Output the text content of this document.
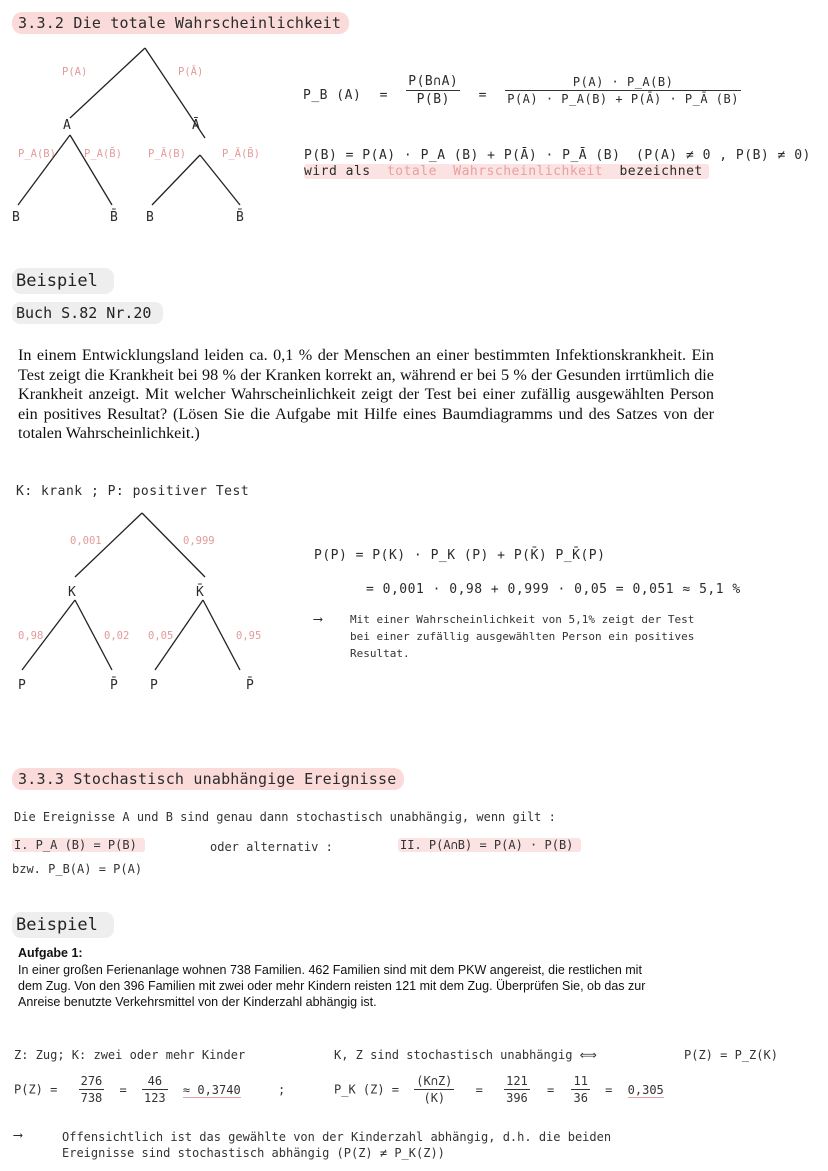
3.3.2 Die totale Wahrscheinlichkeit
P(A)	P(Ā)
A	Ā
P_A(B)	P_A(B̄) P_Ā(B)	P_Ā(B̄)
B	B̄ B	B̄
P_B $(A) = \frac{P(B\cap A)}{P(B)} = \frac{P(A) \cdot P\_A(B)}{P(A) \cdot P\_A(B) + P(Ā) \cdot P\_Ā (B)}$
P(B) = P(A) · P_A (B) + P(Ā) · P_Ā (B) (P(A) ≠ 0 , P(B) ≠ 0)
wird als totale Wahrscheinlichkeit bezeichnet
Beispiel
Buch S.82 Nr.20
In einem Entwicklungsland leiden ca. 0,1 % der Menschen an einer bestimmten Infektionskrankheit. Ein Test zeigt die Krankheit bei 98 % der Kranken korrekt an, während er bei 5 % der Gesunden irrtümlich die Krankheit anzeigt. Mit welcher Wahrscheinlichkeit zeigt der Test bei einer zufällig ausgewählten Person ein positives Resultat? (Lösen Sie die Aufgabe mit Hilfe eines Baumdiagramms und des Satzes von der totalen Wahrscheinlichkeit.)
K: krank ; P: positiver Test
0,001	0,999
K	K̄
0,98	0,02 0,05	0,95
P	P̄ P	P̄
P(P) = P(K) · P_K (P) + P(K̄) P_K̄(P)
= 0,001 · 0,98 + 0,999 · 0,05 = 0,051 ≈ 5,1 %
⟶	Mit einer Wahrscheinlichkeit von 5,1% zeigt der Test
bei einer zufällig ausgewählten Person ein positives
Resultat.
3.3.3 Stochastisch unabhängige Ereignisse
Die Ereignisse A und B sind genau dann stochastisch unabhängig, wenn gilt :
I. P_A (B) = P(B)	oder alternativ :	II. P(A∩B) = P(A) · P(B)
bzw. P_B(A) = P(A)
Beispiel
Aufgabe 1:
In einer großen Ferienanlage wohnen 738 Familien. 462 Familien sind mit dem PKW angereist, die restlichen mit dem Zug. Von den 396 Familien mit zwei oder mehr Kindern reisten 121 mit dem Zug. Überprüfen Sie, ob das zur Anreise benutzte Verkehrsmittel von der Kinderzahl abhängig ist.
Z: Zug; K: zwei oder mehr Kinder	K, Z sind stochastisch unabhängig ⟺	P(Z) = P_Z(K)
$P(Z) = \frac{276}{738} = \frac{46}{123} \approx 0,3740$	;	P_K $(Z) = \frac{(K\cap Z)}{(K)} = \frac{121}{396} = \frac{11}{36} = 0,305$
⟶	Offensichtlich ist das gewählte von der Kinderzahl abhängig, d.h. die beiden
Ereignisse sind stochastisch abhängig (P(Z) ≠ P_K(Z))
